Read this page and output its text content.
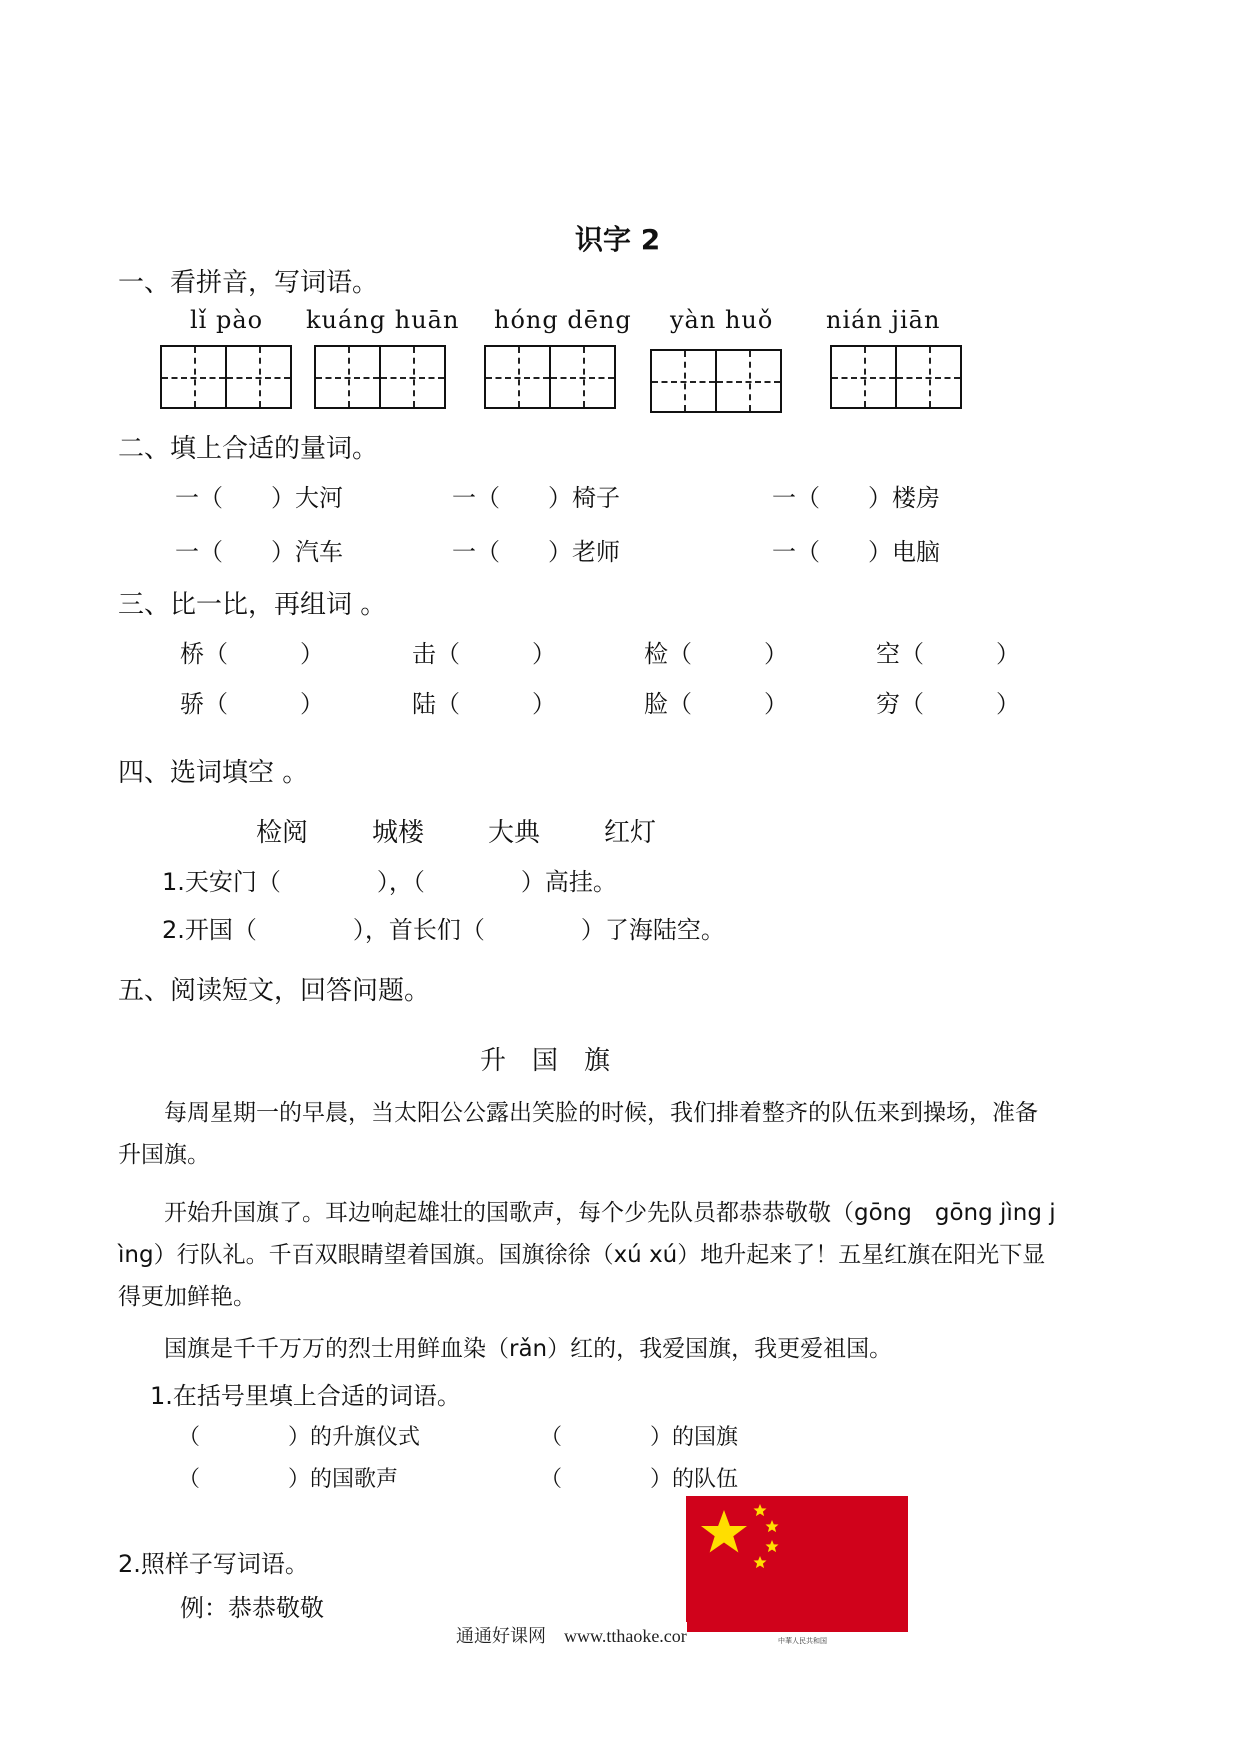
识字 2
一、看拼音，写词语。
lǐ pào kuáng huān hóng dēng yàn huǒ nián jiān
二、填上合适的量词。
一（　　）大河	一（　　）椅子	一（　　）楼房
一（　　）汽车	一（　　）老师	一（　　）电脑
三、比一比，再组词 。
桥（　　　）	击（　　　）	检（　　　）	空（　　　）
骄（　　　）	陆（　　　）	脸（　　　）	穷（　　　）
四、选词填空 。
检阅 城楼 大典 红灯
1.天安门（　　　　），（　　　　）高挂。
2.开国（　　　　），首长们（　　　　）了海陆空。
五、阅读短文，回答问题。
升　国　旗
每周星期一的早晨，当太阳公公露出笑脸的时候，我们排着整齐的队伍来到操场，准备
升国旗。
开始升国旗了。耳边响起雄壮的国歌声，每个少先队员都恭恭敬敬（gōng　gōng jìng j
ìng）行队礼。千百双眼睛望着国旗。国旗徐徐（xú xú）地升起来了！五星红旗在阳光下显
得更加鲜艳。
国旗是千千万万的烈士用鲜血染（rǎn）红的，我爱国旗，我更爱祖国。
1.在括号里填上合适的词语。
（　　　　）的升旗仪式	（　　　　）的国旗
（　　　　）的国歌声	（　　　　）的队伍
2.照样子写词语。
例：恭恭敬敬
中華人民共和国
通通好课网　www.tthaoke.cor
